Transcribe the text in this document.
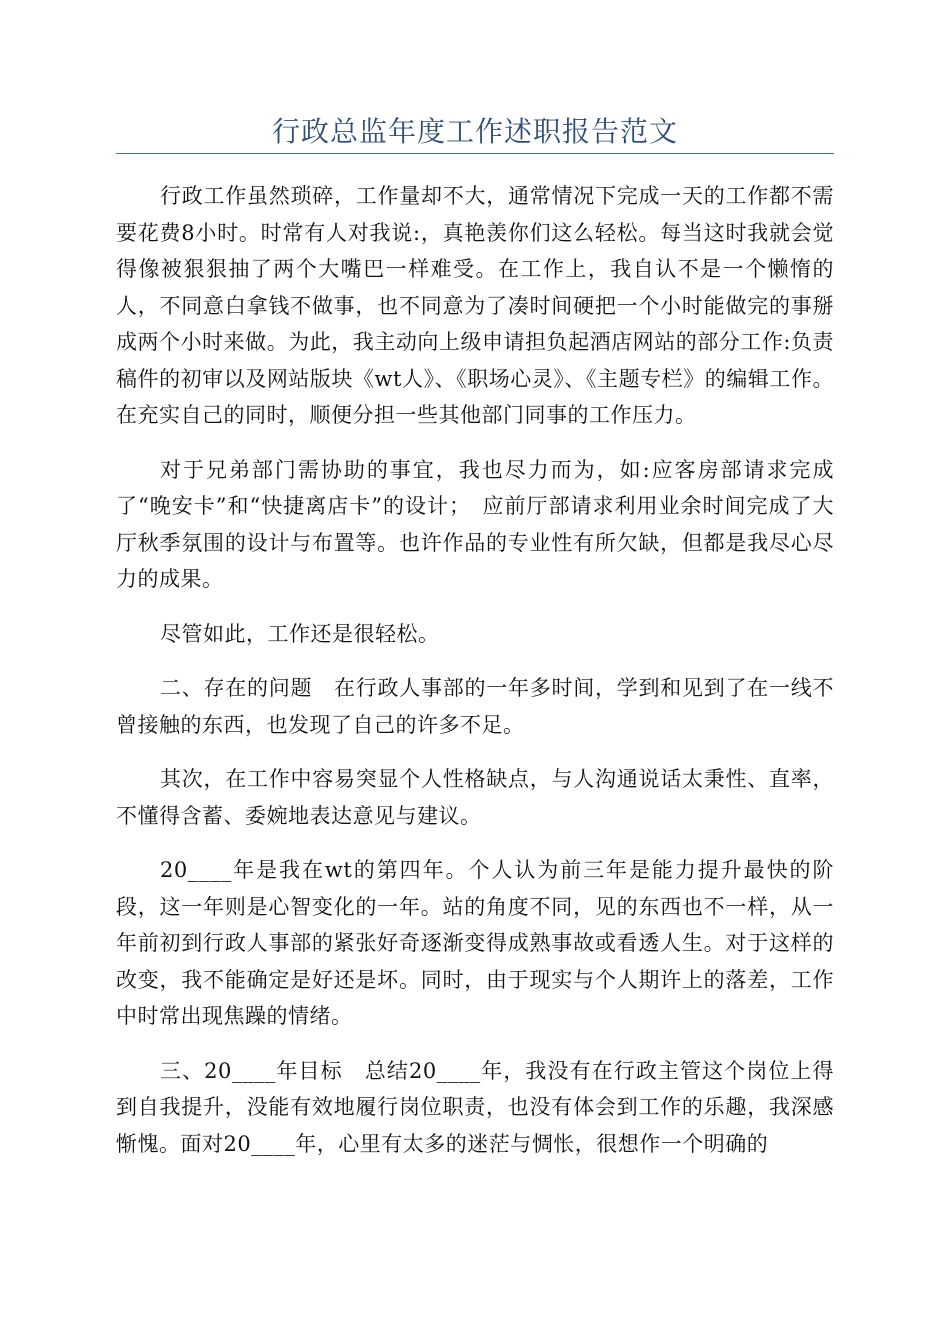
行政总监年度工作述职报告范文

行政工作虽然琐碎，工作量却不大，通常情况下完成一天的工作都不需要花费8小时。时常有人对我说:，真艳羡你们这么轻松。每当这时我就会觉得像被狠狠抽了两个大嘴巴一样难受。在工作上，我自认不是一个懒惰的人，不同意白拿钱不做事，也不同意为了凑时间硬把一个小时能做完的事掰成两个小时来做。为此，我主动向上级申请担负起酒店网站的部分工作:负责稿件的初审以及网站版块《wt人》、《职场心灵》、《主题专栏》的编辑工作。在充实自己的同时，顺便分担一些其他部门同事的工作压力。

对于兄弟部门需协助的事宜，我也尽力而为，如:应客房部请求完成了“晚安卡”和“快捷离店卡”的设计；　应前厅部请求利用业余时间完成了大厅秋季氛围的设计与布置等。也许作品的专业性有所欠缺，但都是我尽心尽力的成果。

尽管如此，工作还是很轻松。

二、存在的问题　在行政人事部的一年多时间，学到和见到了在一线不曾接触的东西，也发现了自己的许多不足。

其次，在工作中容易突显个人性格缺点，与人沟通说话太秉性、直率，不懂得含蓄、委婉地表达意见与建议。

20____年是我在wt的第四年。个人认为前三年是能力提升最快的阶段，这一年则是心智变化的一年。站的角度不同，见的东西也不一样，从一年前初到行政人事部的紧张好奇逐渐变得成熟事故或看透人生。对于这样的改变，我不能确定是好还是坏。同时，由于现实与个人期许上的落差，工作中时常出现焦躁的情绪。

三、20____年目标　总结20____年，我没有在行政主管这个岗位上得到自我提升，没能有效地履行岗位职责，也没有体会到工作的乐趣，我深感惭愧。面对20____年，心里有太多的迷茫与惆怅，很想作一个明确的
